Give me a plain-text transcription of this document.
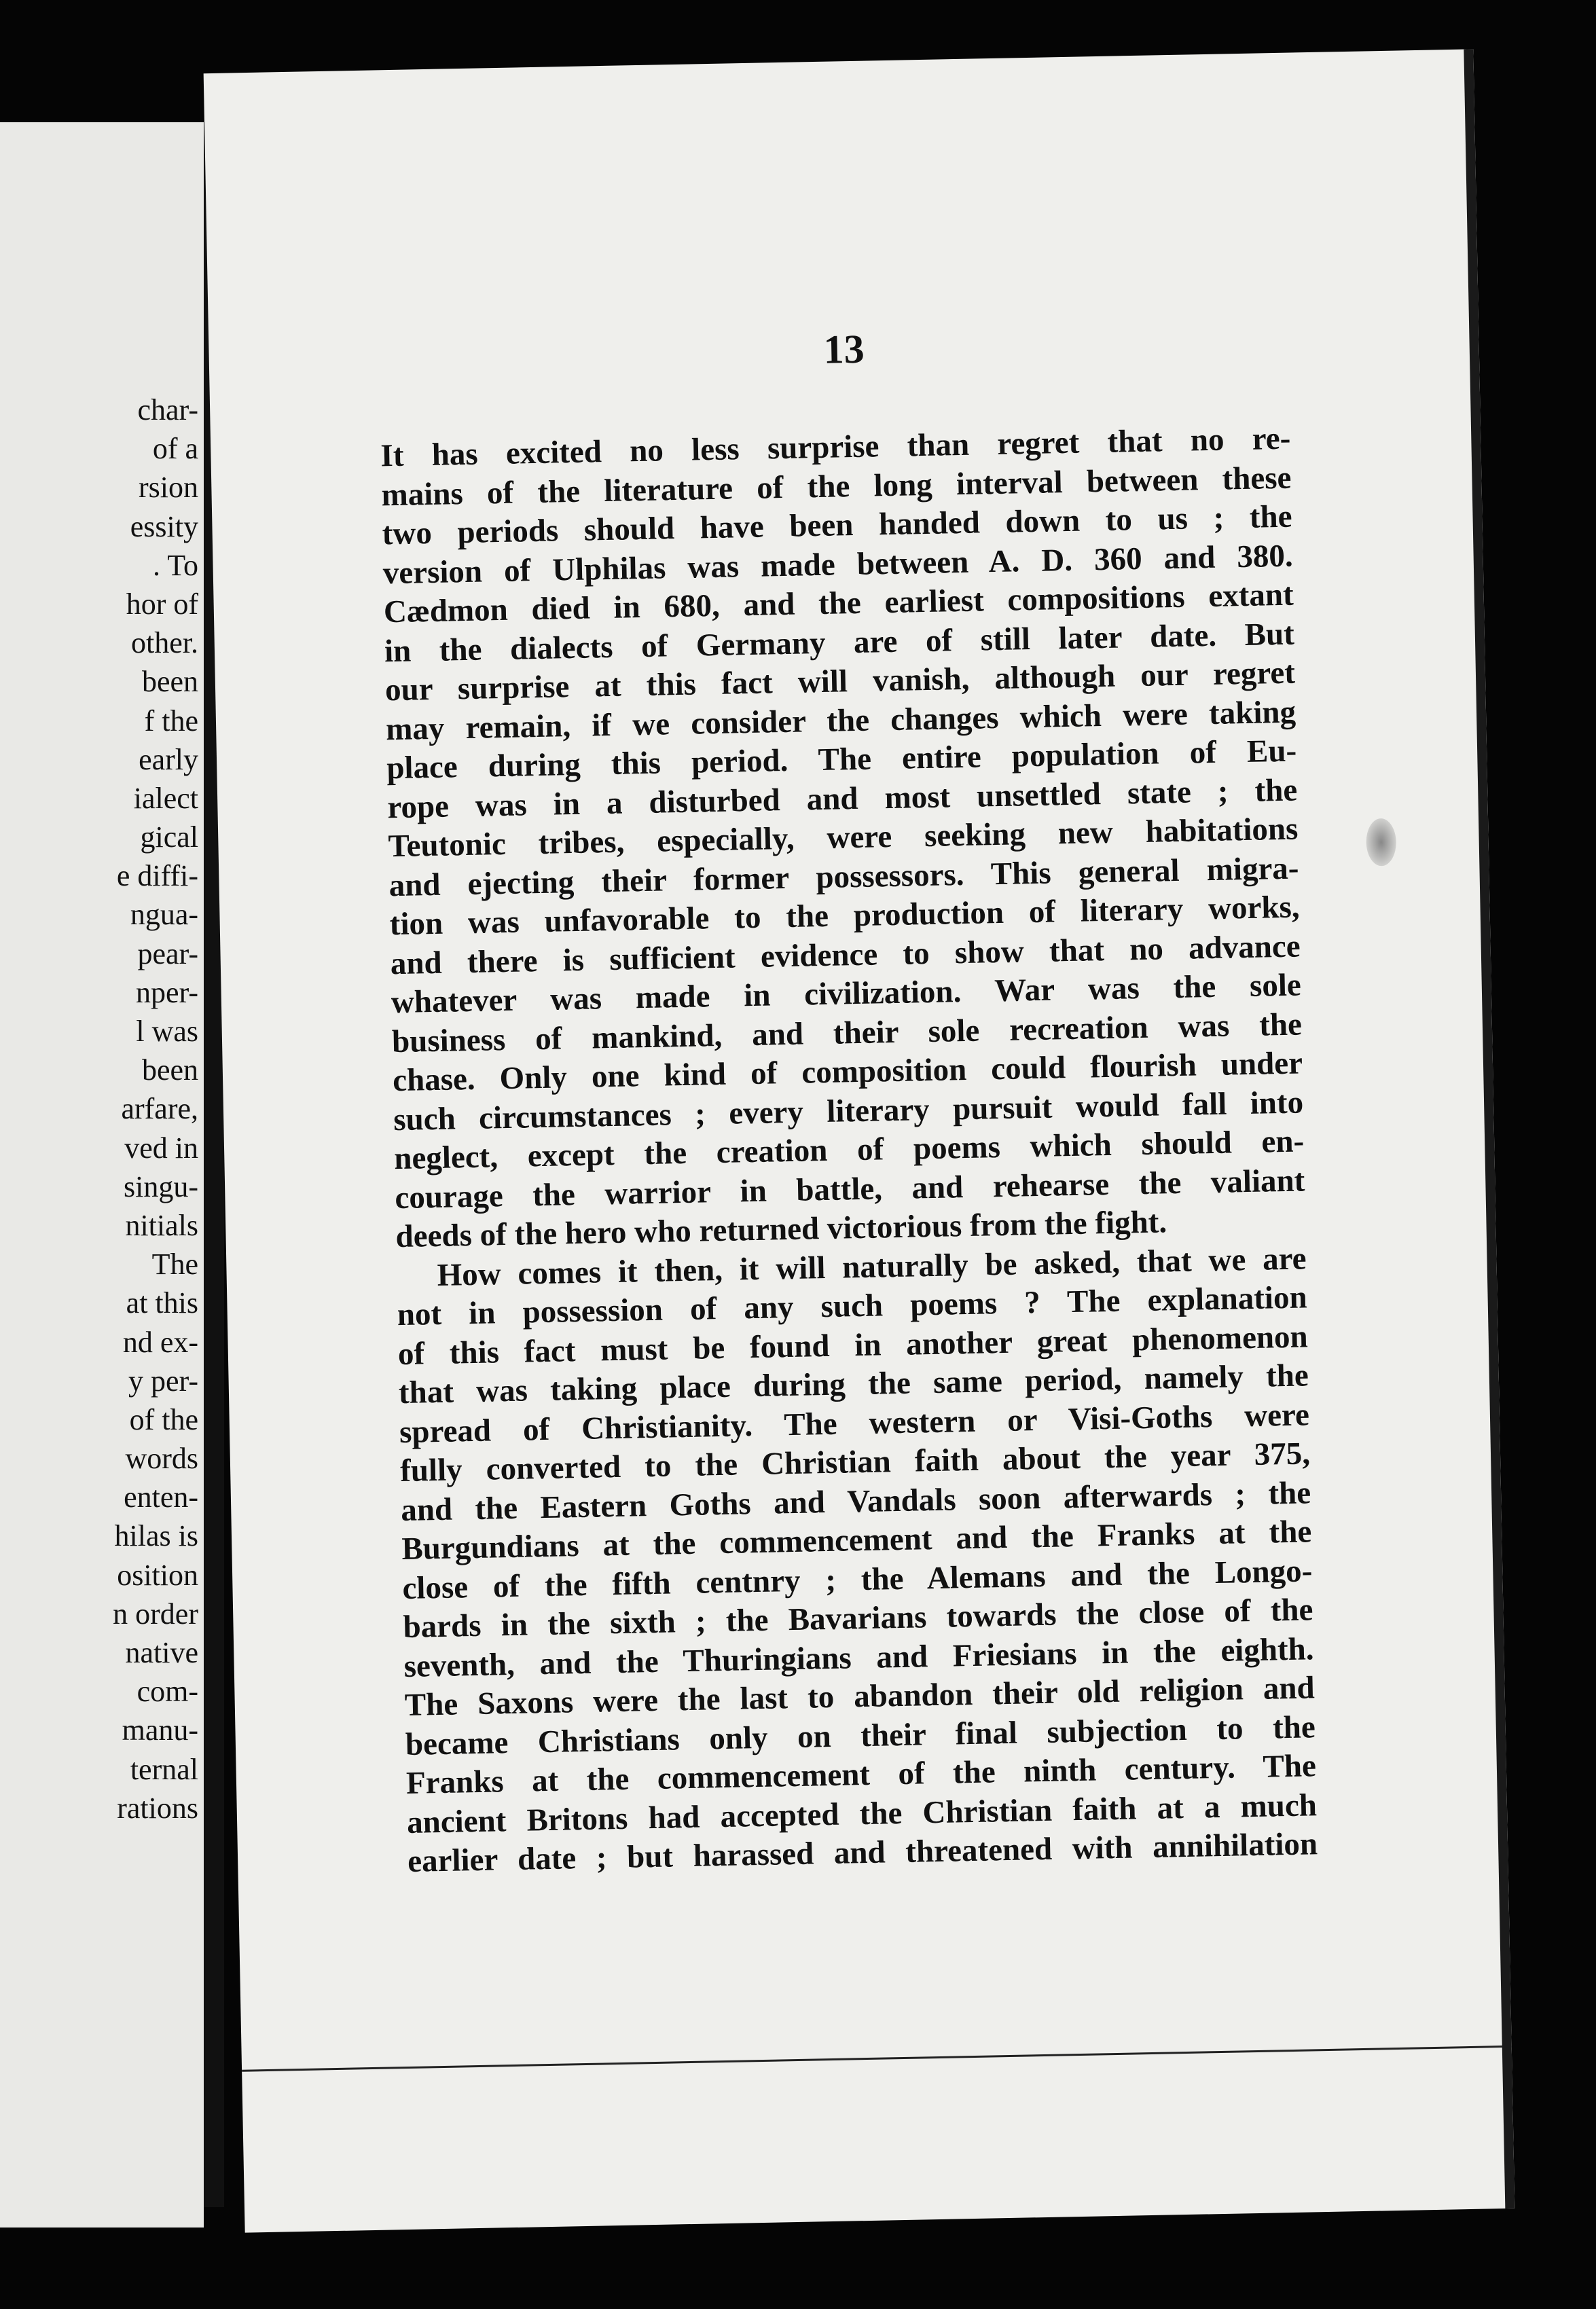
char-
of a
rsion
essity
. To
hor of
other.
been
f the
early
ialect
gical
e diffi-
ngua-
pear-
nper-
l was
been
arfare,
ved in
singu-
nitials
The
at this
nd ex-
y per-
of the
words
enten-
hilas is
osition
n order
native
com-
manu-
ternal
rations
13
It has excited no less surprise than regret that no re-
mains of the literature of the long interval between these
two periods should have been handed down to us ; the
version of Ulphilas was made between A. D. 360 and 380.
Cædmon died in 680, and the earliest compositions extant
in the dialects of Germany are of still later date. But
our surprise at this fact will vanish, although our regret
may remain, if we consider the changes which were taking
place during this period. The entire population of Eu-
rope was in a disturbed and most unsettled state ; the
Teutonic tribes, especially, were seeking new habitations
and ejecting their former possessors. This general migra-
tion was unfavorable to the production of literary works,
and there is sufficient evidence to show that no advance
whatever was made in civilization. War was the sole
business of mankind, and their sole recreation was the
chase. Only one kind of composition could flourish under
such circumstances ; every literary pursuit would fall into
neglect, except the creation of poems which should en-
courage the warrior in battle, and rehearse the valiant
deeds of the hero who returned victorious from the fight.
How comes it then, it will naturally be asked, that we are
not in possession of any such poems ? The explanation
of this fact must be found in another great phenomenon
that was taking place during the same period, namely the
spread of Christianity. The western or Visi-Goths were
fully converted to the Christian faith about the year 375,
and the Eastern Goths and Vandals soon afterwards ; the
Burgundians at the commencement and the Franks at the
close of the fifth centnry ; the Alemans and the Longo-
bards in the sixth ; the Bavarians towards the close of the
seventh, and the Thuringians and Friesians in the eighth.
The Saxons were the last to abandon their old religion and
became Christians only on their final subjection to the
Franks at the commencement of the ninth century. The
ancient Britons had accepted the Christian faith at a much
earlier date ; but harassed and threatened with annihilation
